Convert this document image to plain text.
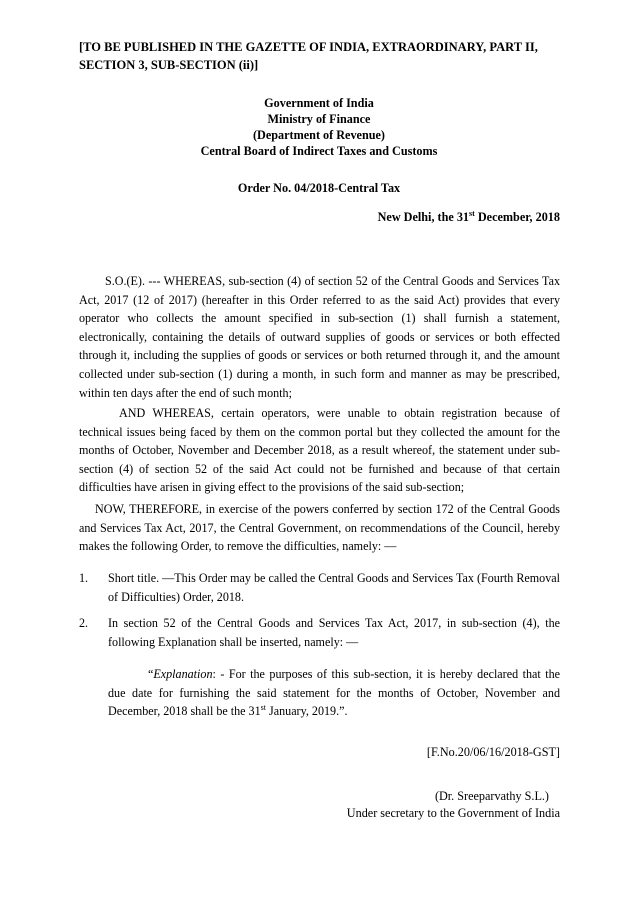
[TO BE PUBLISHED IN THE GAZETTE OF INDIA, EXTRAORDINARY, PART II, SECTION 3, SUB-SECTION (ii)]
Government of India
Ministry of Finance
(Department of Revenue)
Central Board of Indirect Taxes and Customs
Order No. 04/2018-Central Tax
New Delhi, the 31st December, 2018

S.O.(E). --- WHEREAS, sub-section (4) of section 52 of the Central Goods and Services Tax Act, 2017 (12 of 2017) (hereafter in this Order referred to as the said Act) provides that every operator who collects the amount specified in sub-section (1) shall furnish a statement, electronically, containing the details of outward supplies of goods or services or both effected through it, including the supplies of goods or services or both returned through it, and the amount collected under sub-section (1) during a month, in such form and manner as may be prescribed, within ten days after the end of such month;

AND WHEREAS, certain operators, were unable to obtain registration because of technical issues being faced by them on the common portal but they collected the amount for the months of October, November and December 2018, as a result whereof, the statement under sub-section (4) of section 52 of the said Act could not be furnished and because of that certain difficulties have arisen in giving effect to the provisions of the said sub-section;

NOW, THEREFORE, in exercise of the powers conferred by section 172 of the Central Goods and Services Tax Act, 2017, the Central Government, on recommendations of the Council, hereby makes the following Order, to remove the difficulties, namely: —

1. Short title. —This Order may be called the Central Goods and Services Tax (Fourth Removal of Difficulties) Order, 2018.
2. In section 52 of the Central Goods and Services Tax Act, 2017, in sub-section (4), the following Explanation shall be inserted, namely: ––

“Explanation: - For the purposes of this sub-section, it is hereby declared that the due date for furnishing the said statement for the months of October, November and December, 2018 shall be the 31st January, 2019.”.

[F.No.20/06/16/2018-GST]
(Dr. Sreeparvathy S.L.)
Under secretary to the Government of India
